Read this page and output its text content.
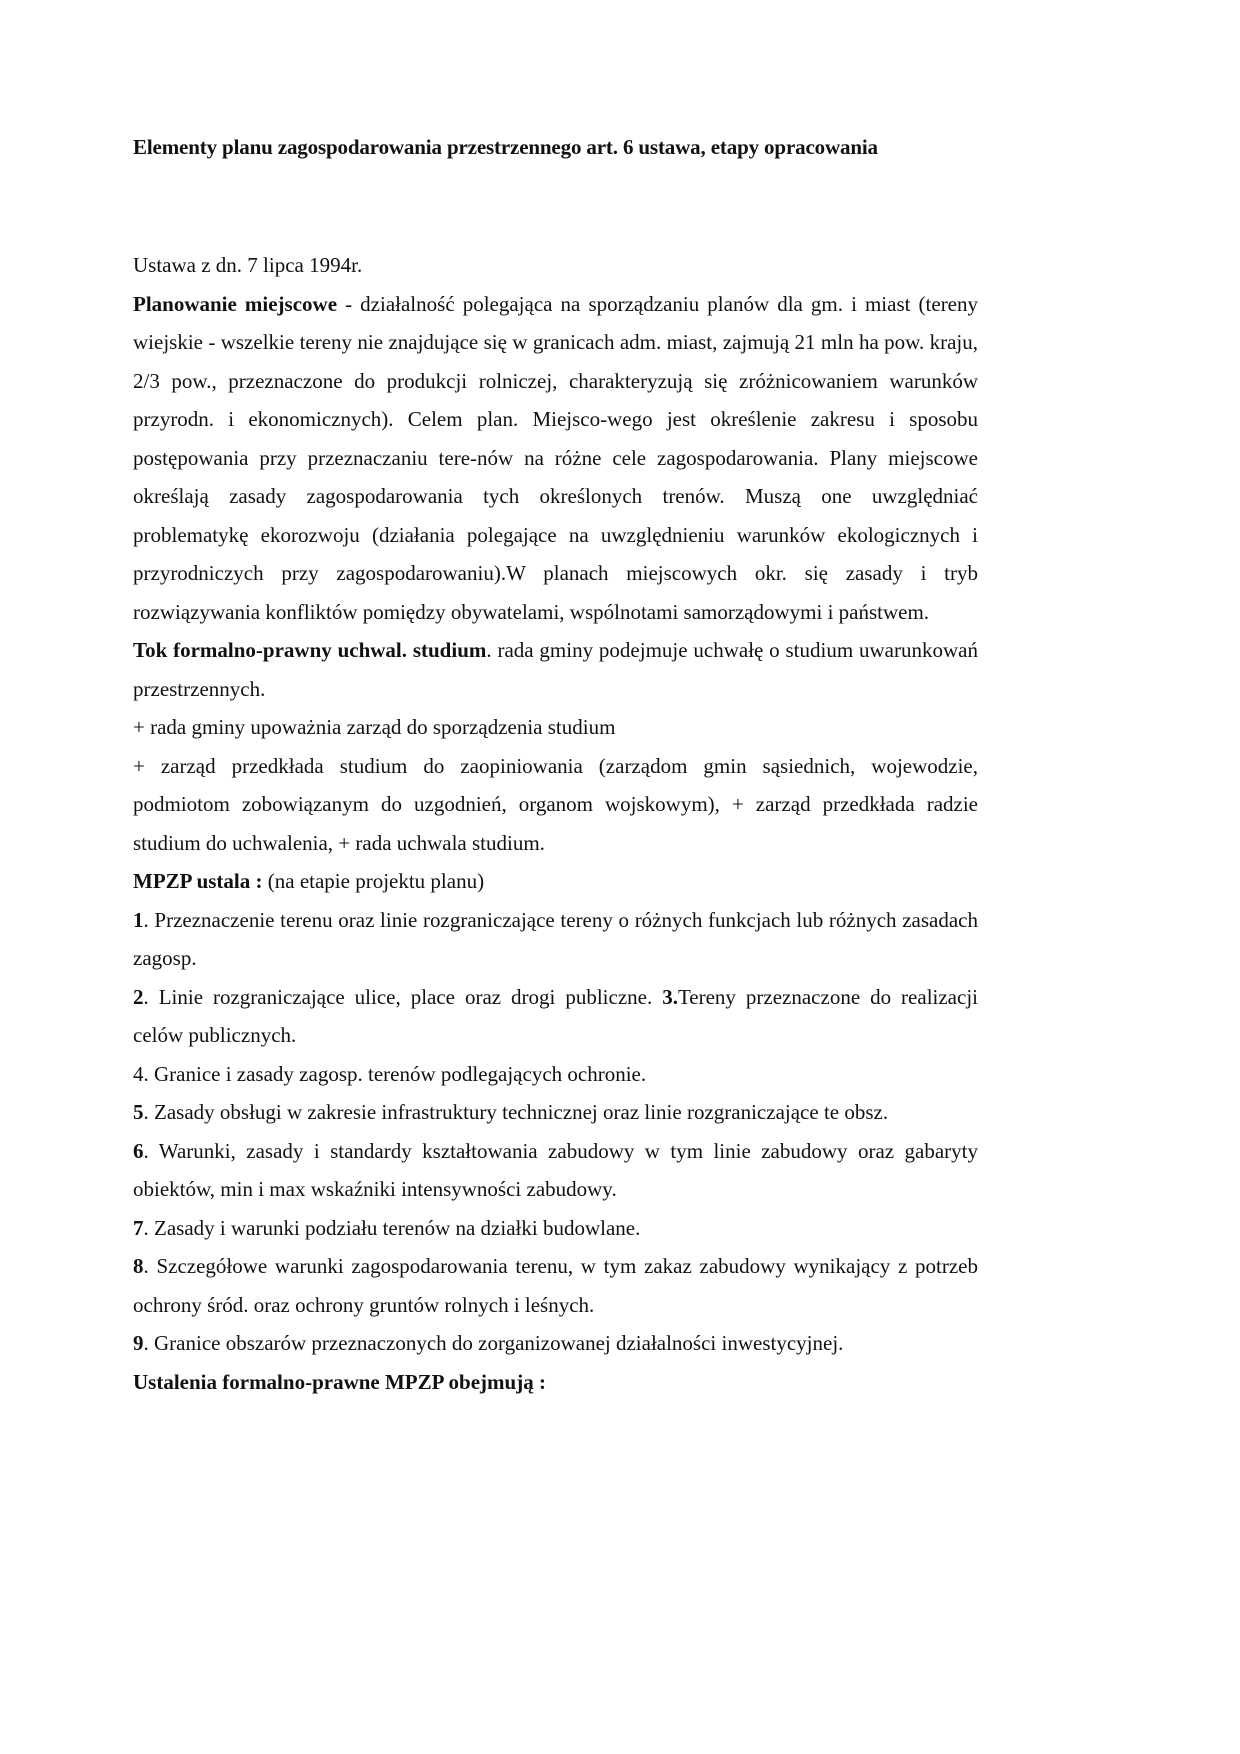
Elementy planu zagospodarowania przestrzennego art. 6 ustawa, etapy opracowania

Ustawa z dn. 7 lipca 1994r.

Planowanie miejscowe - działalność polegająca na sporządzaniu planów dla gm. i miast (tereny wiejskie - wszelkie tereny nie znajdujące się w granicach adm. miast, zajmują 21 mln ha pow. kraju, 2/3 pow., przeznaczone do produkcji rolniczej, charakteryzują się zróżnicowaniem warunków przyrodn. i ekonomicznych). Celem plan. Miejsco-wego jest określenie zakresu i sposobu postępowania przy przeznaczaniu tere-nów na różne cele zagospodarowania. Plany miejscowe określają zasady zagospodarowania tych określonych trenów. Muszą one uwzględniać problematykę ekorozwoju (działania polegające na uwzględnieniu warunków ekologicznych i przyrodniczych przy zagospodarowaniu).W planach miejscowych okr. się zasady i tryb rozwiązywania konfliktów pomiędzy obywatelami, wspólnotami samorządowymi i państwem.

Tok formalno-prawny uchwal. studium. rada gminy podejmuje uchwałę o studium uwarunkowań przestrzennych.

+ rada gminy upoważnia zarząd do sporządzenia studium

+ zarząd przedkłada studium do zaopiniowania (zarządom gmin sąsiednich, wojewodzie, podmiotom zobowiązanym do uzgodnień, organom wojskowym), + zarząd przedkłada radzie studium do uchwalenia, + rada uchwala studium.

MPZP ustala : (na etapie projektu planu)

1. Przeznaczenie terenu oraz linie rozgraniczające tereny o różnych funkcjach lub różnych zasadach zagosp.

2. Linie rozgraniczające ulice, place oraz drogi publiczne. 3.Tereny przeznaczone do realizacji celów publicznych.

4. Granice i zasady zagosp. terenów podlegających ochronie.

5. Zasady obsługi w zakresie infrastruktury technicznej oraz linie rozgraniczające te obsz.

6. Warunki, zasady i standardy kształtowania zabudowy w tym linie zabudowy oraz gabaryty obiektów, min i max wskaźniki intensywności zabudowy.

7. Zasady i warunki podziału terenów na działki budowlane.

8. Szczegółowe warunki zagospodarowania terenu, w tym zakaz zabudowy wynikający z potrzeb ochrony śród. oraz ochrony gruntów rolnych i leśnych.

9. Granice obszarów przeznaczonych do zorganizowanej działalności inwestycyjnej.

Ustalenia formalno-prawne MPZP obejmują :
